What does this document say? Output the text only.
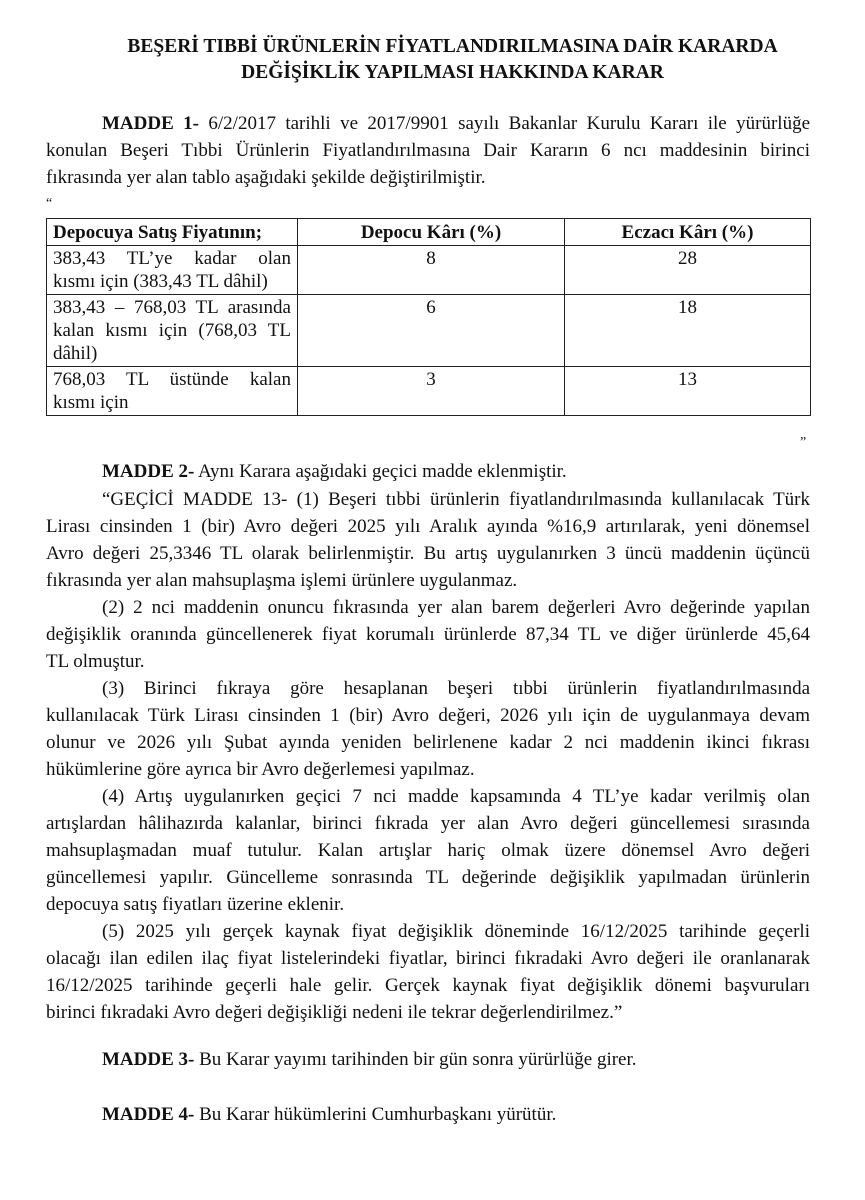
BEŞERİ TIBBİ ÜRÜNLERİN FİYATLANDIRILMASINA DAİR KARARDA
DEĞİŞİKLİK YAPILMASI HAKKINDA KARAR
MADDE 1- 6/2/2017 tarihli ve 2017/9901 sayılı Bakanlar Kurulu Kararı ile yürürlüğe
konulan Beşeri Tıbbi Ürünlerin Fiyatlandırılmasına Dair Kararın 6 ncı maddesinin birinci
fıkrasında yer alan tablo aşağıdaki şekilde değiştirilmiştir.
“
Depocuya Satış Fiyatının;	Depocu Kârı (%)	Eczacı Kârı (%)

383,43 TL’ye kadar olan
kısmı için (383,43 TL dâhil)	8	28

383,43 – 768,03 TL arasında
kalan kısmı için (768,03 TL
dâhil)	6	18

768,03 TL üstünde kalan
kısmı için	3	13
”
MADDE 2- Aynı Karara aşağıdaki geçici madde eklenmiştir.
“GEÇİCİ MADDE 13- (1) Beşeri tıbbi ürünlerin fiyatlandırılmasında kullanılacak Türk
Lirası cinsinden 1 (bir) Avro değeri 2025 yılı Aralık ayında %16,9 artırılarak, yeni dönemsel
Avro değeri 25,3346 TL olarak belirlenmiştir. Bu artış uygulanırken 3 üncü maddenin üçüncü
fıkrasında yer alan mahsuplaşma işlemi ürünlere uygulanmaz.
(2) 2 nci maddenin onuncu fıkrasında yer alan barem değerleri Avro değerinde yapılan
değişiklik oranında güncellenerek fiyat korumalı ürünlerde 87,34 TL ve diğer ürünlerde 45,64
TL olmuştur.
(3) Birinci fıkraya göre hesaplanan beşeri tıbbi ürünlerin fiyatlandırılmasında
kullanılacak Türk Lirası cinsinden 1 (bir) Avro değeri, 2026 yılı için de uygulanmaya devam
olunur ve 2026 yılı Şubat ayında yeniden belirlenene kadar 2 nci maddenin ikinci fıkrası
hükümlerine göre ayrıca bir Avro değerlemesi yapılmaz.
(4) Artış uygulanırken geçici 7 nci madde kapsamında 4 TL’ye kadar verilmiş olan
artışlardan hâlihazırda kalanlar, birinci fıkrada yer alan Avro değeri güncellemesi sırasında
mahsuplaşmadan muaf tutulur. Kalan artışlar hariç olmak üzere dönemsel Avro değeri
güncellemesi yapılır. Güncelleme sonrasında TL değerinde değişiklik yapılmadan ürünlerin
depocuya satış fiyatları üzerine eklenir.
(5) 2025 yılı gerçek kaynak fiyat değişiklik döneminde 16/12/2025 tarihinde geçerli
olacağı ilan edilen ilaç fiyat listelerindeki fiyatlar, birinci fıkradaki Avro değeri ile oranlanarak
16/12/2025 tarihinde geçerli hale gelir. Gerçek kaynak fiyat değişiklik dönemi başvuruları
birinci fıkradaki Avro değeri değişikliği nedeni ile tekrar değerlendirilmez.”
MADDE 3- Bu Karar yayımı tarihinden bir gün sonra yürürlüğe girer.
MADDE 4- Bu Karar hükümlerini Cumhurbaşkanı yürütür.
